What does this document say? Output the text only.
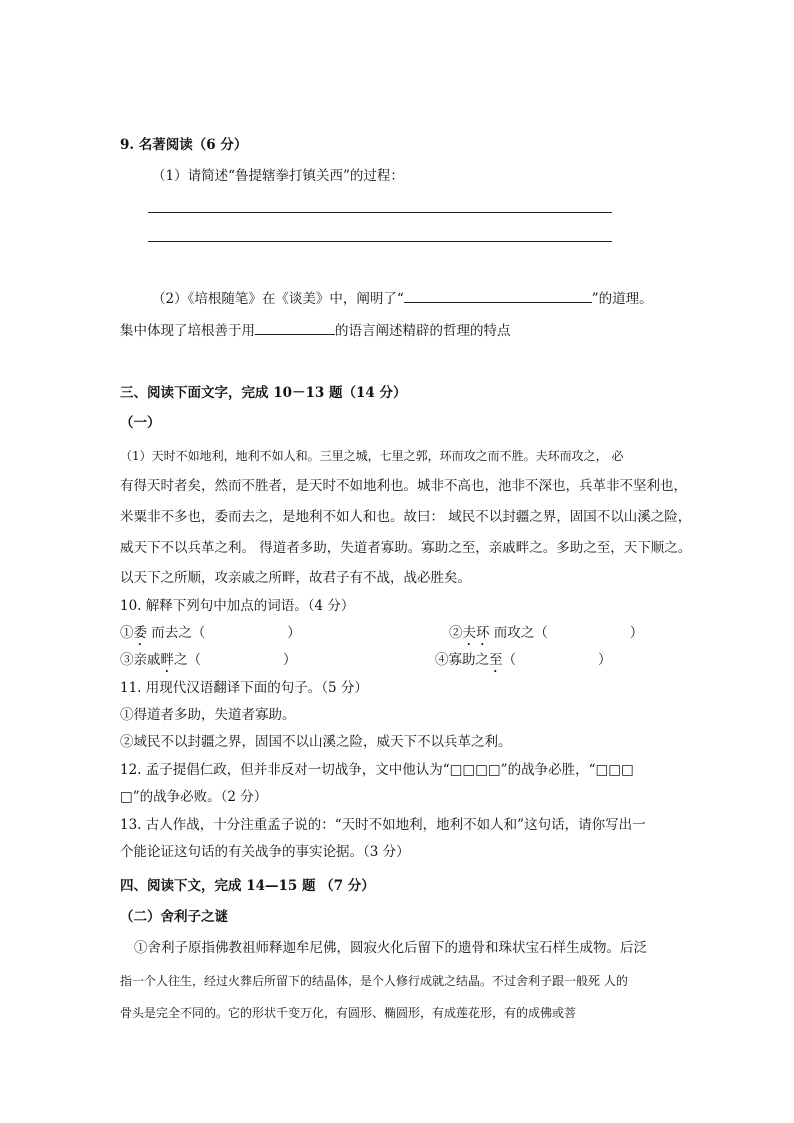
9. 名著阅读（6 分）
（1）请简述“鲁提辖拳打镇关西”的过程：
（2）《培根随笔》在《谈美》中，阐明了“	”的道理。
集中体现了培根善于用	的语言阐述精辟的哲理的特点
三、阅读下面文字，完成 10－13 题（14 分）
（一）
（1）天时不如地利，地利不如人和。三里之城，七里之郭，环而攻之而不胜。夫环而攻之， 必
有得天时者矣，然而不胜者，是天时不如地利也。城非不高也，池非不深也，兵革非不坚利也，
米粟非不多也，委而去之，是地利不如人和也。故曰： 域民不以封疆之界，固国不以山溪之险，
威天下不以兵革之利。 得道者多助，失道者寡助。寡助之至，亲戚畔之。多助之至，天下顺之。
以天下之所顺，攻亲戚之所畔，故君子有不战，战必胜矣。
10. 解释下列句中加点的词语。（4 分）
①委 而去之（	）	②夫环 而攻之（	）
③亲戚畔之（	）	④寡助之至（	）
11. 用现代汉语翻译下面的句子。（5 分）
①得道者多助，失道者寡助。
②域民不以封疆之界，固国不以山溪之险，威天下不以兵革之利。
12. 孟子提倡仁政，但并非反对一切战争，文中他认为“□□□□”的战争必胜，“□□□
□”的战争必败。（2 分）
13. 古人作战，十分注重孟子说的：“天时不如地利，地利不如人和”这句话，请你写出一
个能论证这句话的有关战争的事实论据。（3 分）
四、阅读下文，完成 14—15 题 （7 分）
（二）舍利子之谜
①舍利子原指佛教祖师释迦牟尼佛，圆寂火化后留下的遗骨和珠状宝石样生成物。后泛
指一个人往生，经过火葬后所留下的结晶体，是个人修行成就之结晶。不过舍利子跟一般死 人的
骨头是完全不同的。它的形状千变万化，有圆形、椭圆形，有成莲花形，有的成佛或菩
